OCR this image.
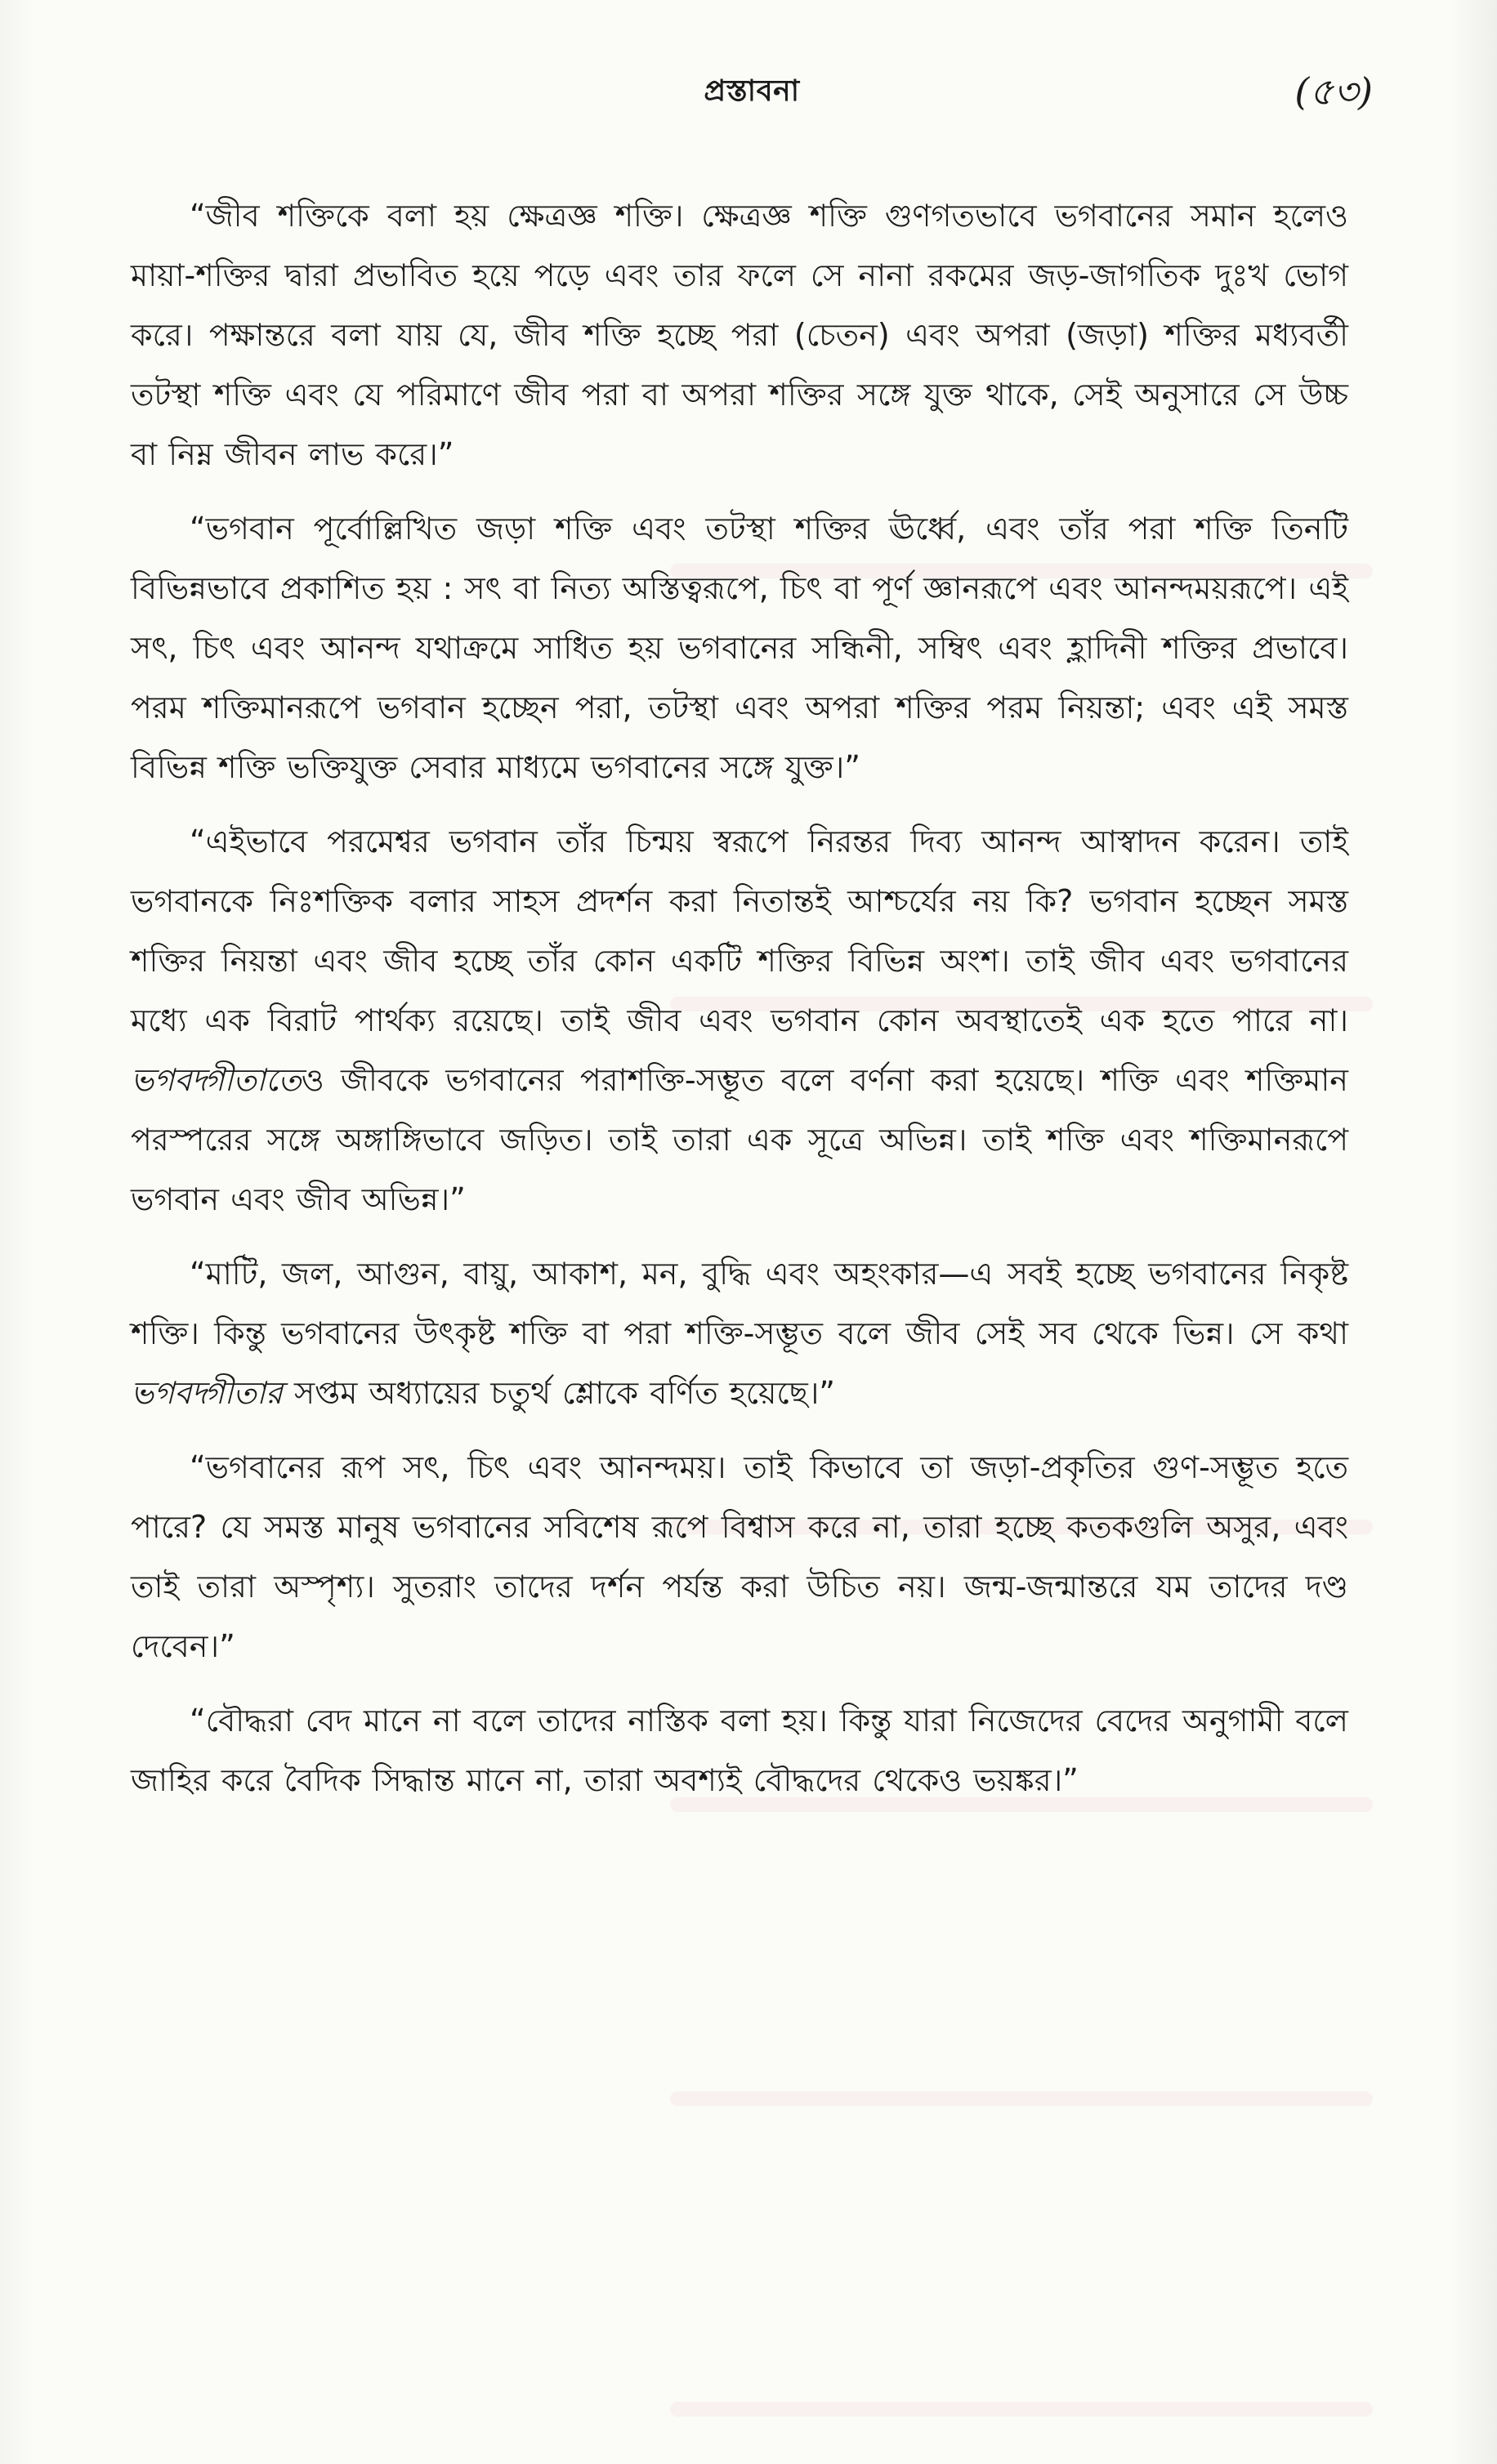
প্রস্তাবনা	(৫৩)

“জীব শক্তিকে বলা হয় ক্ষেত্রজ্ঞ শক্তি। ক্ষেত্রজ্ঞ শক্তি গুণগতভাবে ভগবানের সমান হলেও মায়া-শক্তির দ্বারা প্রভাবিত হয়ে পড়ে এবং তার ফলে সে নানা রকমের জড়-জাগতিক দুঃখ ভোগ করে। পক্ষান্তরে বলা যায় যে, জীব শক্তি হচ্ছে পরা (চেতন) এবং অপরা (জড়া) শক্তির মধ্যবর্তী তটস্থা শক্তি এবং যে পরিমাণে জীব পরা বা অপরা শক্তির সঙ্গে যুক্ত থাকে, সেই অনুসারে সে উচ্চ বা নিম্ন জীবন লাভ করে।”

“ভগবান পূর্বোল্লিখিত জড়া শক্তি এবং তটস্থা শক্তির ঊর্ধ্বে, এবং তাঁর পরা শক্তি তিনটি বিভিন্নভাবে প্রকাশিত হয় : সৎ বা নিত্য অস্তিত্বরূপে, চিৎ বা পূর্ণ জ্ঞানরূপে এবং আনন্দময়রূপে। এই সৎ, চিৎ এবং আনন্দ যথাক্রমে সাধিত হয় ভগবানের সন্ধিনী, সম্বিৎ এবং হ্লাদিনী শক্তির প্রভাবে। পরম শক্তিমানরূপে ভগবান হচ্ছেন পরা, তটস্থা এবং অপরা শক্তির পরম নিয়ন্তা; এবং এই সমস্ত বিভিন্ন শক্তি ভক্তিযুক্ত সেবার মাধ্যমে ভগবানের সঙ্গে যুক্ত।”

“এইভাবে পরমেশ্বর ভগবান তাঁর চিন্ময় স্বরূপে নিরন্তর দিব্য আনন্দ আস্বাদন করেন। তাই ভগবানকে নিঃশক্তিক বলার সাহস প্রদর্শন করা নিতান্তই আশ্চর্যের নয় কি? ভগবান হচ্ছেন সমস্ত শক্তির নিয়ন্তা এবং জীব হচ্ছে তাঁর কোন একটি শক্তির বিভিন্ন অংশ। তাই জীব এবং ভগবানের মধ্যে এক বিরাট পার্থক্য রয়েছে। তাই জীব এবং ভগবান কোন অবস্থাতেই এক হতে পারে না। ভগবদ্গীতাতেও জীবকে ভগবানের পরাশক্তি-সম্ভূত বলে বর্ণনা করা হয়েছে। শক্তি এবং শক্তিমান পরস্পরের সঙ্গে অঙ্গাঙ্গিভাবে জড়িত। তাই তারা এক সূত্রে অভিন্ন। তাই শক্তি এবং শক্তিমানরূপে ভগবান এবং জীব অভিন্ন।”

“মাটি, জল, আগুন, বায়ু, আকাশ, মন, বুদ্ধি এবং অহংকার—এ সবই হচ্ছে ভগবানের নিকৃষ্ট শক্তি। কিন্তু ভগবানের উৎকৃষ্ট শক্তি বা পরা শক্তি-সম্ভূত বলে জীব সেই সব থেকে ভিন্ন। সে কথা ভগবদ্গীতার সপ্তম অধ্যায়ের চতুর্থ শ্লোকে বর্ণিত হয়েছে।”

“ভগবানের রূপ সৎ, চিৎ এবং আনন্দময়। তাই কিভাবে তা জড়া-প্রকৃতির গুণ-সম্ভূত হতে পারে? যে সমস্ত মানুষ ভগবানের সবিশেষ রূপে বিশ্বাস করে না, তারা হচ্ছে কতকগুলি অসুর, এবং তাই তারা অস্পৃশ্য। সুতরাং তাদের দর্শন পর্যন্ত করা উচিত নয়। জন্ম-জন্মান্তরে যম তাদের দণ্ড দেবেন।”

“বৌদ্ধরা বেদ মানে না বলে তাদের নাস্তিক বলা হয়। কিন্তু যারা নিজেদের বেদের অনুগামী বলে জাহির করে বৈদিক সিদ্ধান্ত মানে না, তারা অবশ্যই বৌদ্ধদের থেকেও ভয়ঙ্কর।”
